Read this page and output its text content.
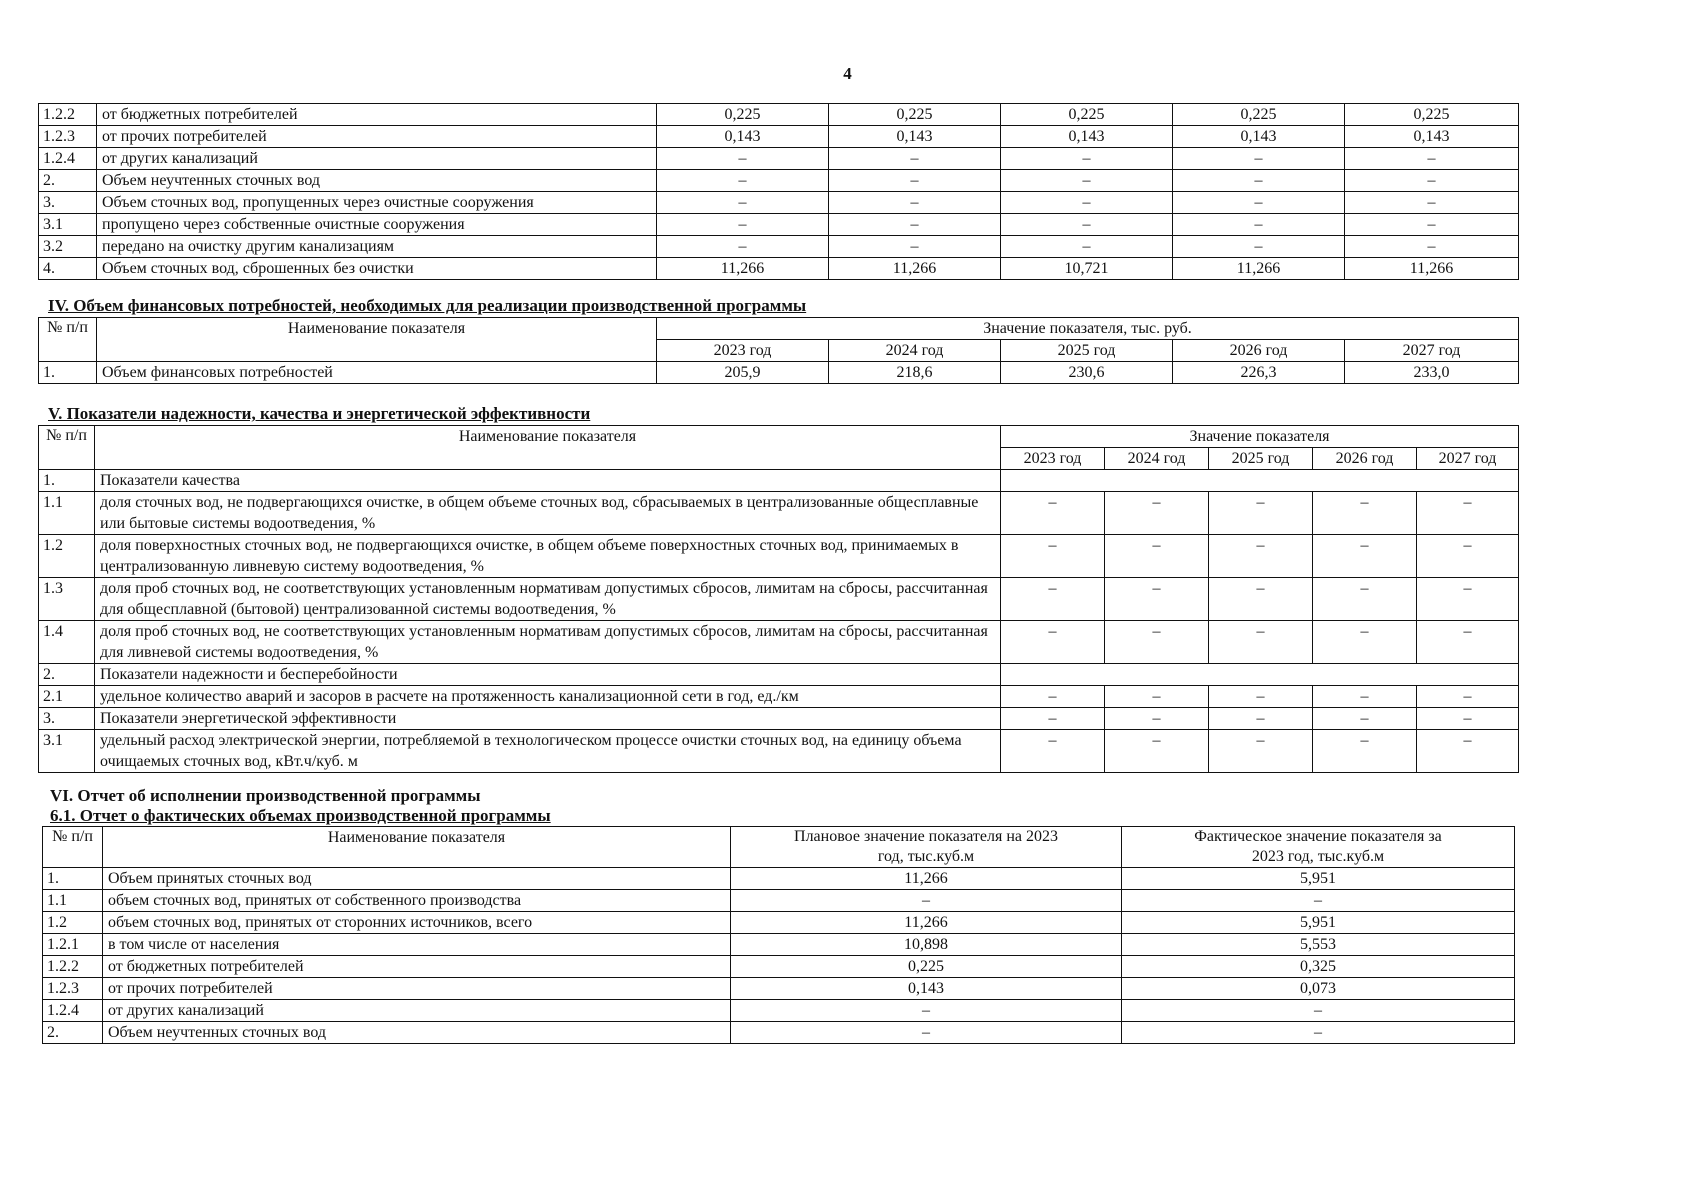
4
1.2.2	от бюджетных потребителей	0,225	0,225	0,225	0,225	0,225
1.2.3	от прочих потребителей	0,143	0,143	0,143	0,143	0,143
1.2.4	от других канализаций	–	–	–	–	–
2.	Объем неучтенных сточных вод	–	–	–	–	–
3.	Объем сточных вод, пропущенных через очистные сооружения	–	–	–	–	–
3.1	пропущено через собственные очистные сооружения	–	–	–	–	–
3.2	передано на очистку другим канализациям	–	–	–	–	–
4.	Объем сточных вод, сброшенных без очистки	11,266	11,266	10,721	11,266	11,266
IV. Объем финансовых потребностей, необходимых для реализации производственной программы
№ п/п	Наименование показателя	Значение показателя, тыс. руб.				
		2023 год	2024 год	2025 год	2026 год	2027 год
1.	Объем финансовых потребностей	205,9	218,6	230,6	226,3	233,0
V. Показатели надежности, качества и энергетической эффективности
№ п/п	Наименование показателя	Значение показателя				
		2023 год	2024 год	2025 год	2026 год	2027 год
1.	Показатели качества					
1.1	доля сточных вод, не подвергающихся очистке, в общем объеме сточных вод, сбрасываемых в централизованные общесплавные или бытовые системы водоотведения, %	–	–	–	–	–
1.2	доля поверхностных сточных вод, не подвергающихся очистке, в общем объеме поверхностных сточных вод, принимаемых в централизованную ливневую систему водоотведения, %	–	–	–	–	–
1.3	доля проб сточных вод, не соответствующих установленным нормативам допустимых сбросов, лимитам на сбросы, рассчитанная для общесплавной (бытовой) централизованной системы водоотведения, %	–	–	–	–	–
1.4	доля проб сточных вод, не соответствующих установленным нормативам допустимых сбросов, лимитам на сбросы, рассчитанная для ливневой системы водоотведения, %	–	–	–	–	–
2.	Показатели надежности и бесперебойности					
2.1	удельное количество аварий и засоров в расчете на протяженность канализационной сети в год, ед./км	–	–	–	–	–
3.	Показатели энергетической эффективности	–	–	–	–	–
3.1	удельный расход электрической энергии, потребляемой в технологическом процессе очистки сточных вод, на единицу объема очищаемых сточных вод, кВт.ч/куб. м	–	–	–	–	–
VI. Отчет об исполнении производственной программы
6.1. Отчет о фактических объемах производственной программы
№ п/п	Наименование показателя	Плановое значение показателя на 2023 год, тыс.куб.м	Фактическое значение показателя за 2023 год, тыс.куб.м
1.	Объем принятых сточных вод	11,266	5,951
1.1	объем сточных вод, принятых от собственного производства	–	–
1.2	объем сточных вод, принятых от сторонних источников, всего	11,266	5,951
1.2.1	в том числе от населения	10,898	5,553
1.2.2	от бюджетных потребителей	0,225	0,325
1.2.3	от прочих потребителей	0,143	0,073
1.2.4	от других канализаций	–	–
2.	Объем неучтенных сточных вод	–	–
